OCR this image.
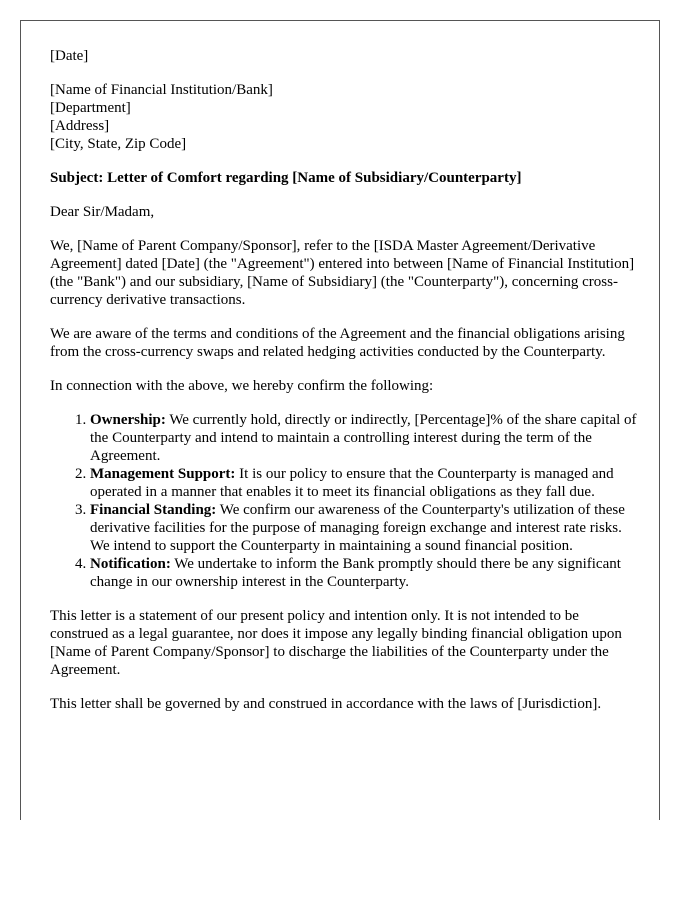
[Date]

[Name of Financial Institution/Bank]
[Department]
[Address]
[City, State, Zip Code]

Subject: Letter of Comfort regarding [Name of Subsidiary/Counterparty]

Dear Sir/Madam,

We, [Name of Parent Company/Sponsor], refer to the [ISDA Master Agreement/Derivative Agreement] dated [Date] (the "Agreement") entered into between [Name of Financial Institution] (the "Bank") and our subsidiary, [Name of Subsidiary] (the "Counterparty"), concerning cross-currency derivative transactions.

We are aware of the terms and conditions of the Agreement and the financial obligations arising from the cross-currency swaps and related hedging activities conducted by the Counterparty.

In connection with the above, we hereby confirm the following:

1. Ownership: We currently hold, directly or indirectly, [Percentage]% of the share capital of the Counterparty and intend to maintain a controlling interest during the term of the Agreement.
2. Management Support: It is our policy to ensure that the Counterparty is managed and operated in a manner that enables it to meet its financial obligations as they fall due.
3. Financial Standing: We confirm our awareness of the Counterparty's utilization of these derivative facilities for the purpose of managing foreign exchange and interest rate risks. We intend to support the Counterparty in maintaining a sound financial position.
4. Notification: We undertake to inform the Bank promptly should there be any significant change in our ownership interest in the Counterparty.

This letter is a statement of our present policy and intention only. It is not intended to be construed as a legal guarantee, nor does it impose any legally binding financial obligation upon [Name of Parent Company/Sponsor] to discharge the liabilities of the Counterparty under the Agreement.

This letter shall be governed by and construed in accordance with the laws of [Jurisdiction].
